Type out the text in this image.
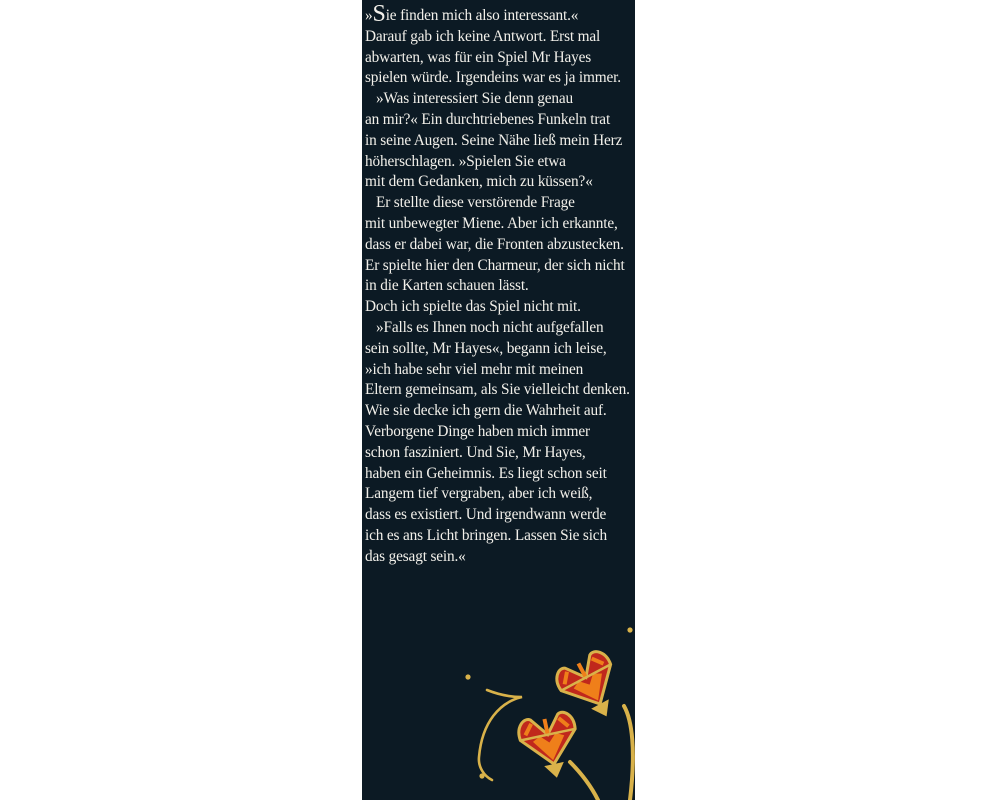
»Sie finden mich also interessant.«
Darauf gab ich keine Antwort. Erst mal
abwarten, was für ein Spiel Mr Hayes
spielen würde. Irgendeins war es ja immer.
»Was interessiert Sie denn genau
an mir?« Ein durchtriebenes Funkeln trat
in seine Augen. Seine Nähe ließ mein Herz
höherschlagen. »Spielen Sie etwa
mit dem Gedanken, mich zu küssen?«
Er stellte diese verstörende Frage
mit unbewegter Miene. Aber ich erkannte,
dass er dabei war, die Fronten abzustecken.
Er spielte hier den Charmeur, der sich nicht
in die Karten schauen lässt.
Doch ich spielte das Spiel nicht mit.
»Falls es Ihnen noch nicht aufgefallen
sein sollte, Mr Hayes«, begann ich leise,
»ich habe sehr viel mehr mit meinen
Eltern gemeinsam, als Sie vielleicht denken.
Wie sie decke ich gern die Wahrheit auf.
Verborgene Dinge haben mich immer
schon fasziniert. Und Sie, Mr Hayes,
haben ein Geheimnis. Es liegt schon seit
Langem tief vergraben, aber ich weiß,
dass es existiert. Und irgendwann werde
ich es ans Licht bringen. Lassen Sie sich
das gesagt sein.«
